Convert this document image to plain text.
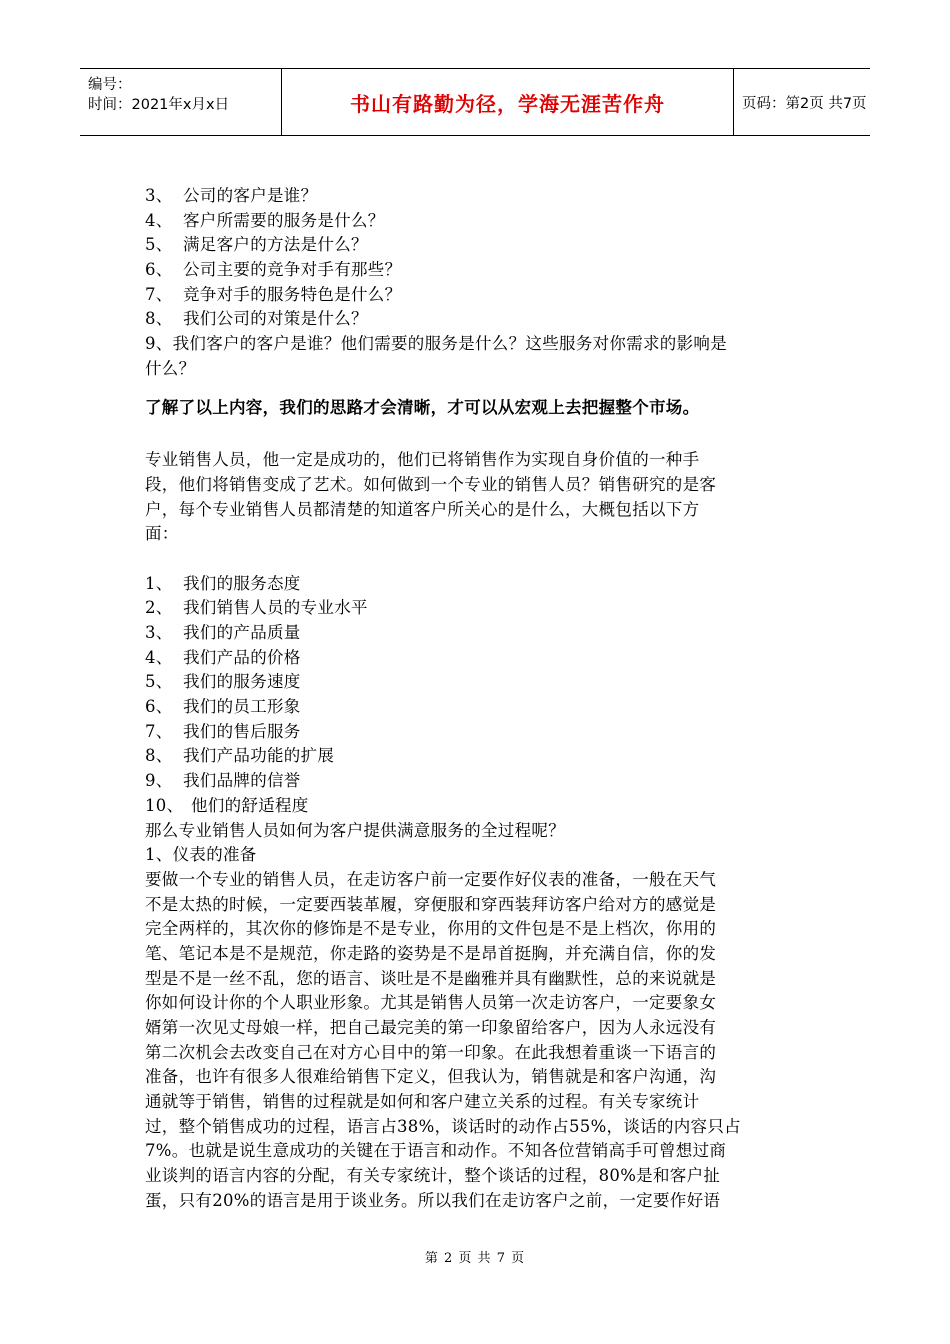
编号：
时间：2021年x月x日	书山有路勤为径，学海无涯苦作舟	页码：第2页 共7页
3、 公司的客户是谁？
4、 客户所需要的服务是什么？
5、 满足客户的方法是什么？
6、 公司主要的竞争对手有那些？
7、 竞争对手的服务特色是什么？
8、 我们公司的对策是什么？
9、我们客户的客户是谁？他们需要的服务是什么？这些服务对你需求的影响是
什么？
了解了以上内容，我们的思路才会清晰，才可以从宏观上去把握整个市场。
专业销售人员，他一定是成功的，他们已将销售作为实现自身价值的一种手
段，他们将销售变成了艺术。如何做到一个专业的销售人员？销售研究的是客
户，每个专业销售人员都清楚的知道客户所关心的是什么，大概包括以下方
面：
1、 我们的服务态度
2、 我们销售人员的专业水平
3、 我们的产品质量
4、 我们产品的价格
5、 我们的服务速度
6、 我们的员工形象
7、 我们的售后服务
8、 我们产品功能的扩展
9、 我们品牌的信誉
10、 他们的舒适程度
那么专业销售人员如何为客户提供满意服务的全过程呢？
1、仪表的准备
要做一个专业的销售人员，在走访客户前一定要作好仪表的准备，一般在天气
不是太热的时候，一定要西装革履，穿便服和穿西装拜访客户给对方的感觉是
完全两样的，其次你的修饰是不是专业，你用的文件包是不是上档次，你用的
笔、笔记本是不是规范，你走路的姿势是不是昂首挺胸，并充满自信，你的发
型是不是一丝不乱，您的语言、谈吐是不是幽雅并具有幽默性，总的来说就是
你如何设计你的个人职业形象。尤其是销售人员第一次走访客户，一定要象女
婿第一次见丈母娘一样，把自己最完美的第一印象留给客户，因为人永远没有
第二次机会去改变自己在对方心目中的第一印象。在此我想着重谈一下语言的
准备，也许有很多人很难给销售下定义，但我认为，销售就是和客户沟通，沟
通就等于销售，销售的过程就是如何和客户建立关系的过程。有关专家统计
过，整个销售成功的过程，语言占38%，谈话时的动作占55%，谈话的内容只占
7%。也就是说生意成功的关键在于语言和动作。不知各位营销高手可曾想过商
业谈判的语言内容的分配，有关专家统计，整个谈话的过程，80%是和客户扯
蛋，只有20%的语言是用于谈业务。所以我们在走访客户之前，一定要作好语
第 2 页 共 7 页
